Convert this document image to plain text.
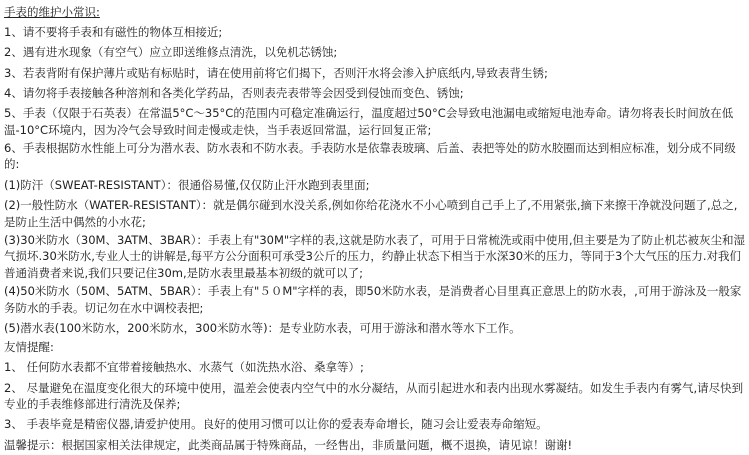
手表的维护小常识:
1、请不要将手表和有磁性的物体互相接近;
2、遇有进水现象（有空气）应立即送维修点清洗，以免机芯锈蚀;
3、若表背附有保护薄片或贴有标贴时，请在使用前将它们揭下，否则汗水将会渗入护底纸内,导致表背生锈;
4、请勿将手表接触各种溶剂和各类化学药品，否则表壳表带等会因受到侵蚀而变色、锈蚀;
5、手表（仅限于石英表）在常温5°C～35°C的范围内可稳定准确运行，温度超过50°C会导致电池漏电或缩短电池寿命。请勿将表长时间放在低温-10°C环境内，因为冷气会导致时间走慢或走快，当手表返回常温，运行回复正常;
6、手表根据防水性能上可分为潜水表、防水表和不防水表。手表防水是依靠表玻璃、后盖、表把等处的防水胶圈而达到相应标准，划分成不同级的:
(1)防汗（SWEAT-RESISTANT）：很通俗易懂,仅仅防止汗水跑到表里面;
(2)一般性防水（WATER-RESISTANT）：就是偶尔碰到水没关系,例如你给花浇水不小心喷到自己手上了,不用紧张,摘下来擦干净就没问题了,总之,是防止生活中偶然的小水花;
(3)30米防水（30M、3ATM、3BAR）：手表上有"30M"字样的表,这就是防水表了，可用于日常梳洗或雨中使用,但主要是为了防止机芯被灰尘和湿气损坏.30米防水,专业人士的讲解是,每平方公分面积可承受3公斤的压力，约静止状态下相当于水深30米的压力，等同于3个大气压的压力.对我们普通消费者来说,我们只要记住30m,是防水表里最基本初级的就可以了;
(4)50米防水（50M、5ATM、5BAR）：手表上有"５０M"字样的表，即50米防水表，是消费者心目里真正意思上的防水表，,可用于游泳及一般家务防水的手表。切记勿在水中调校表把;
(5)潜水表(100米防水，200米防水，300米防水等)：是专业防水表，可用于游泳和潜水等水下工作。
友情提醒:
1、 任何防水表都不宜带着接触热水、水蒸气（如洗热水浴、桑拿等）;
2、 尽量避免在温度变化很大的环境中使用，温差会使表内空气中的水分凝结，从而引起进水和表内出现水雾凝结。如发生手表内有雾气,请尽快到专业的手表维修部进行清洗及保养;
3、 手表毕竟是精密仪器,请爱护使用。良好的使用习惯可以让你的爱表寿命增长，随习会让爱表寿命缩短。
温馨提示：根据国家相关法律规定，此类商品属于特殊商品，一经售出，非质量问题，概不退换，请见谅！谢谢!
